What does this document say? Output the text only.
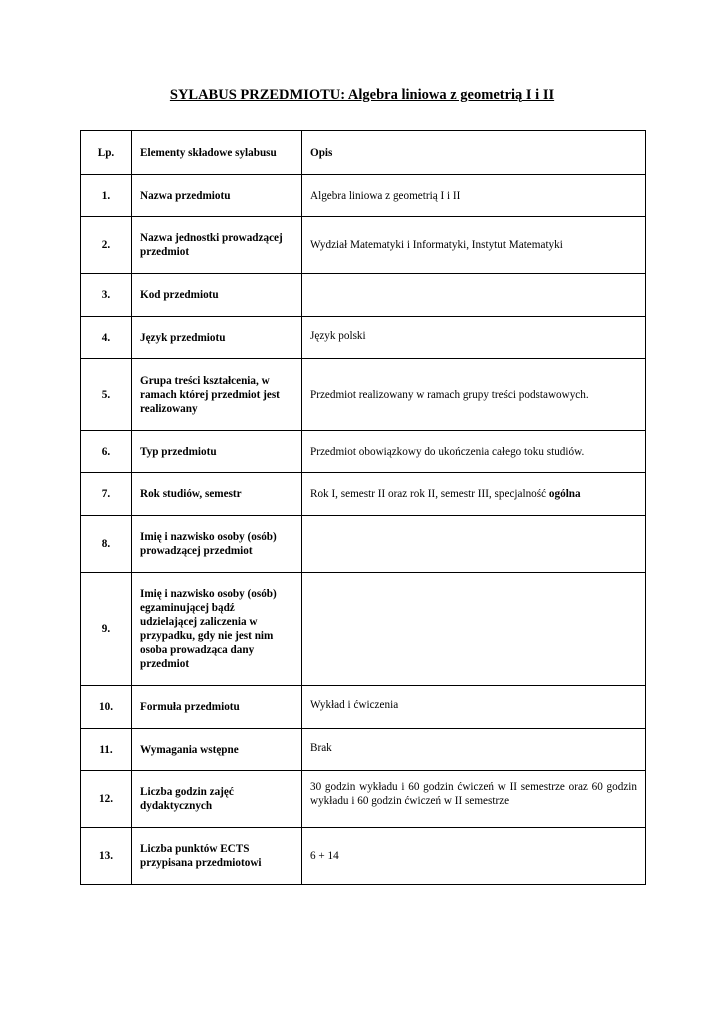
SYLABUS PRZEDMIOTU: Algebra liniowa z geometrią I i II
Lp.	Elementy składowe sylabusu	Opis
1.	Nazwa przedmiotu	Algebra liniowa z geometrią I i II
2.	Nazwa jednostki prowadzącej przedmiot	Wydział Matematyki i Informatyki, Instytut Matematyki
3.	Kod przedmiotu	
4.	Język przedmiotu	Język polski
5.	Grupa treści kształcenia, w ramach której przedmiot jest realizowany	Przedmiot realizowany w ramach grupy treści podstawowych.
6.	Typ przedmiotu	Przedmiot obowiązkowy do ukończenia całego toku studiów.
7.	Rok studiów, semestr	Rok I, semestr II oraz rok II, semestr III, specjalność ogólna
8.	Imię i nazwisko osoby (osób) prowadzącej przedmiot	
9.	Imię i nazwisko osoby (osób) egzaminującej bądź udzielającej zaliczenia w przypadku, gdy nie jest nim osoba prowadząca dany przedmiot	
10.	Formuła przedmiotu	Wykład i ćwiczenia
11.	Wymagania wstępne	Brak
12.	Liczba godzin zajęć dydaktycznych	30 godzin wykładu i 60 godzin ćwiczeń w II semestrze oraz 60 godzin wykładu i 60 godzin ćwiczeń w II semestrze
13.	Liczba punktów ECTS przypisana przedmiotowi	6 + 14
